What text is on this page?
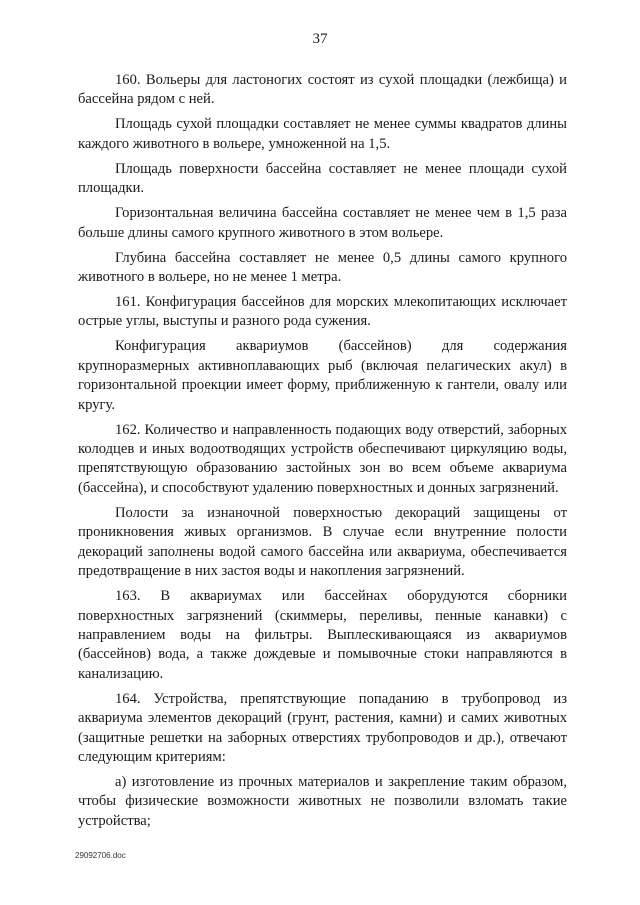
37

160. Вольеры для ластоногих состоят из сухой площадки (лежбища) и бассейна рядом с ней.

Площадь сухой площадки составляет не менее суммы квадратов длины каждого животного в вольере, умноженной на 1,5.

Площадь поверхности бассейна составляет не менее площади сухой площадки.

Горизонтальная величина бассейна составляет не менее чем в 1,5 раза больше длины самого крупного животного в этом вольере.

Глубина бассейна составляет не менее 0,5 длины самого крупного животного в вольере, но не менее 1 метра.

161. Конфигурация бассейнов для морских млекопитающих исключает острые углы, выступы и разного рода сужения.

Конфигурация аквариумов (бассейнов) для содержания крупноразмерных активноплавающих рыб (включая пелагических акул) в горизонтальной проекции имеет форму, приближенную к гантели, овалу или кругу.

162. Количество и направленность подающих воду отверстий, заборных колодцев и иных водоотводящих устройств обеспечивают циркуляцию воды, препятствующую образованию застойных зон во всем объеме аквариума (бассейна), и способствуют удалению поверхностных и донных загрязнений.

Полости за изнаночной поверхностью декораций защищены от проникновения живых организмов. В случае если внутренние полости декораций заполнены водой самого бассейна или аквариума, обеспечивается предотвращение в них застоя воды и накопления загрязнений.

163. В аквариумах или бассейнах оборудуются сборники поверхностных загрязнений (скиммеры, переливы, пенные канавки) с направлением воды на фильтры. Выплескивающаяся из аквариумов (бассейнов) вода, а также дождевые и помывочные стоки направляются в канализацию.

164. Устройства, препятствующие попаданию в трубопровод из аквариума элементов декораций (грунт, растения, камни) и самих животных (защитные решетки на заборных отверстиях трубопроводов и др.), отвечают следующим критериям:

а) изготовление из прочных материалов и закрепление таким образом, чтобы физические возможности животных не позволили взломать такие устройства;

29092706.doc
